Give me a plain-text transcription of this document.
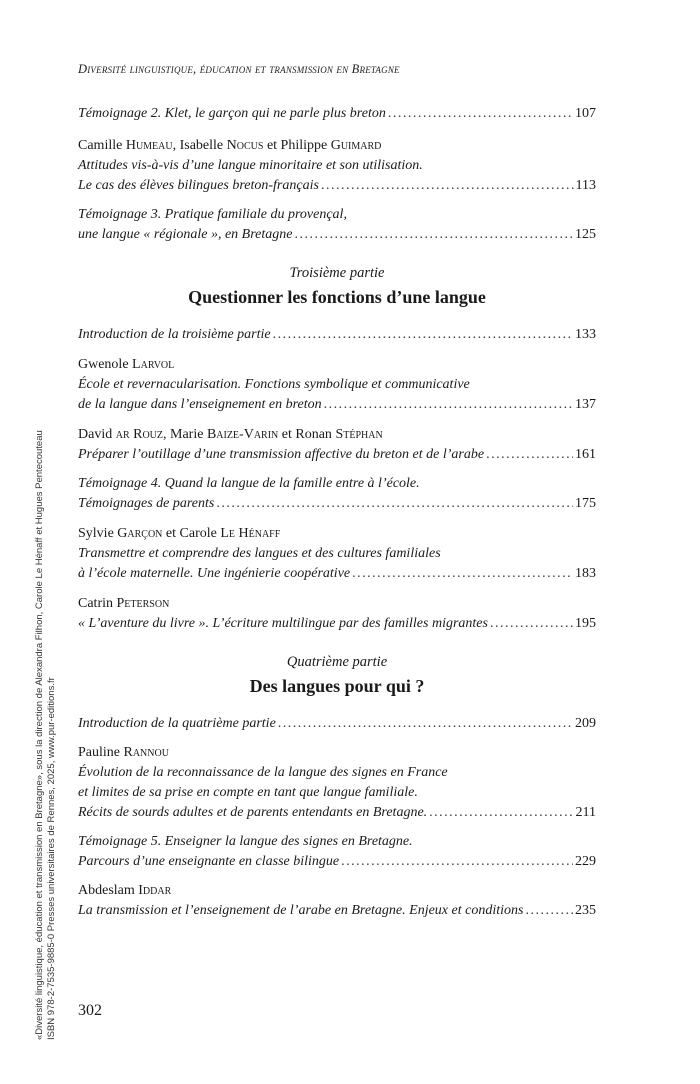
Diversité linguistique, éducation et transmission en Bretagne
Témoignage 2. Klet, le garçon qui ne parle plus breton .....	107
Camille Humeau, Isabelle Nocus et Philippe Guimard
Attitudes vis-à-vis d’une langue minoritaire et son utilisation.
Le cas des élèves bilingues breton-français .....	113
Témoignage 3. Pratique familiale du provençal,
une langue « régionale », en Bretagne .....	125
Troisième partie
Questionner les fonctions d’une langue
Introduction de la troisième partie .....	133
Gwenole Larvol
École et revernacularisation. Fonctions symbolique et communicative
de la langue dans l’enseignement en breton .....	137
David ar Rouz, Marie Baize-Varin et Ronan Stéphan
Préparer l’outillage d’une transmission affective du breton et de l’arabe .....	161
Témoignage 4. Quand la langue de la famille entre à l’école.
Témoignages de parents .....	175
Sylvie Garçon et Carole Le Hénaff
Transmettre et comprendre des langues et des cultures familiales
à l’école maternelle. Une ingénierie coopérative .....	183
Catrin Peterson
« L’aventure du livre ». L’écriture multilingue par des familles migrantes .....	195
Quatrième partie
Des langues pour qui ?
Introduction de la quatrième partie .....	209
Pauline Rannou
Évolution de la reconnaissance de la langue des signes en France
et limites de sa prise en compte en tant que langue familiale.
Récits de sourds adultes et de parents entendants en Bretagne. .....	211
Témoignage 5. Enseigner la langue des signes en Bretagne.
Parcours d’une enseignante en classe bilingue .....	229
Abdeslam Iddar
La transmission et l’enseignement de l’arabe en Bretagne. Enjeux et conditions .....	235
«Diversité linguistique, éducation et transmission en Bretagne», sous la direction de Alexandra Filhon, Carole Le Hénaff et Hugues Pentecouteau ISBN 978-2-7535-9885-0 Presses universitaires de Rennes, 2025, www.pur-editions.fr 302
